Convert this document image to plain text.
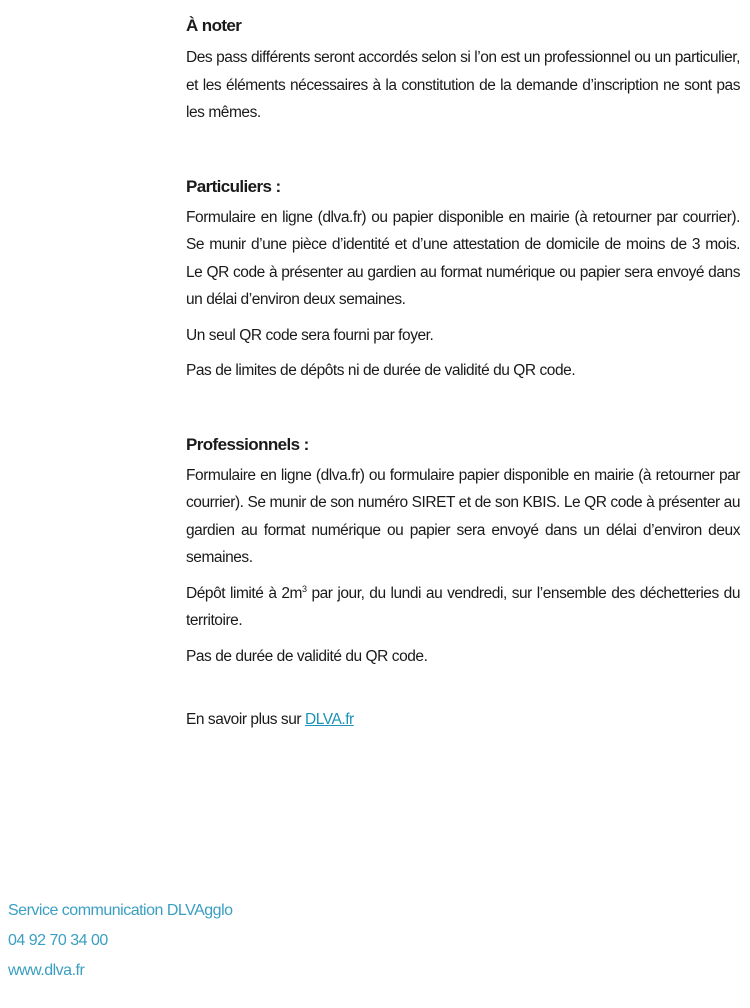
À noter

Des pass différents seront accordés selon si l’on est un professionnel ou un particulier, et les éléments nécessaires à la constitution de la demande d’inscription ne sont pas les mêmes.

Particuliers :

Formulaire en ligne (dlva.fr) ou papier disponible en mairie (à retourner par courrier). Se munir d’une pièce d’identité et d’une attestation de domicile de moins de 3 mois. Le QR code à présenter au gardien au format numérique ou papier sera envoyé dans un délai d’environ deux semaines.

Un seul QR code sera fourni par foyer.

Pas de limites de dépôts ni de durée de validité du QR code.

Professionnels :

Formulaire en ligne (dlva.fr) ou formulaire papier disponible en mairie (à retourner par courrier). Se munir de son numéro SIRET et de son KBIS. Le QR code à présenter au gardien au format numérique ou papier sera envoyé dans un délai d’environ deux semaines.

Dépôt limité à $2m^3$ par jour, du lundi au vendredi, sur l’ensemble des déchetteries du territoire.

Pas de durée de validité du QR code.

En savoir plus sur DLVA.fr

Service communication DLVAgglo
04 92 70 34 00
www.dlva.fr
